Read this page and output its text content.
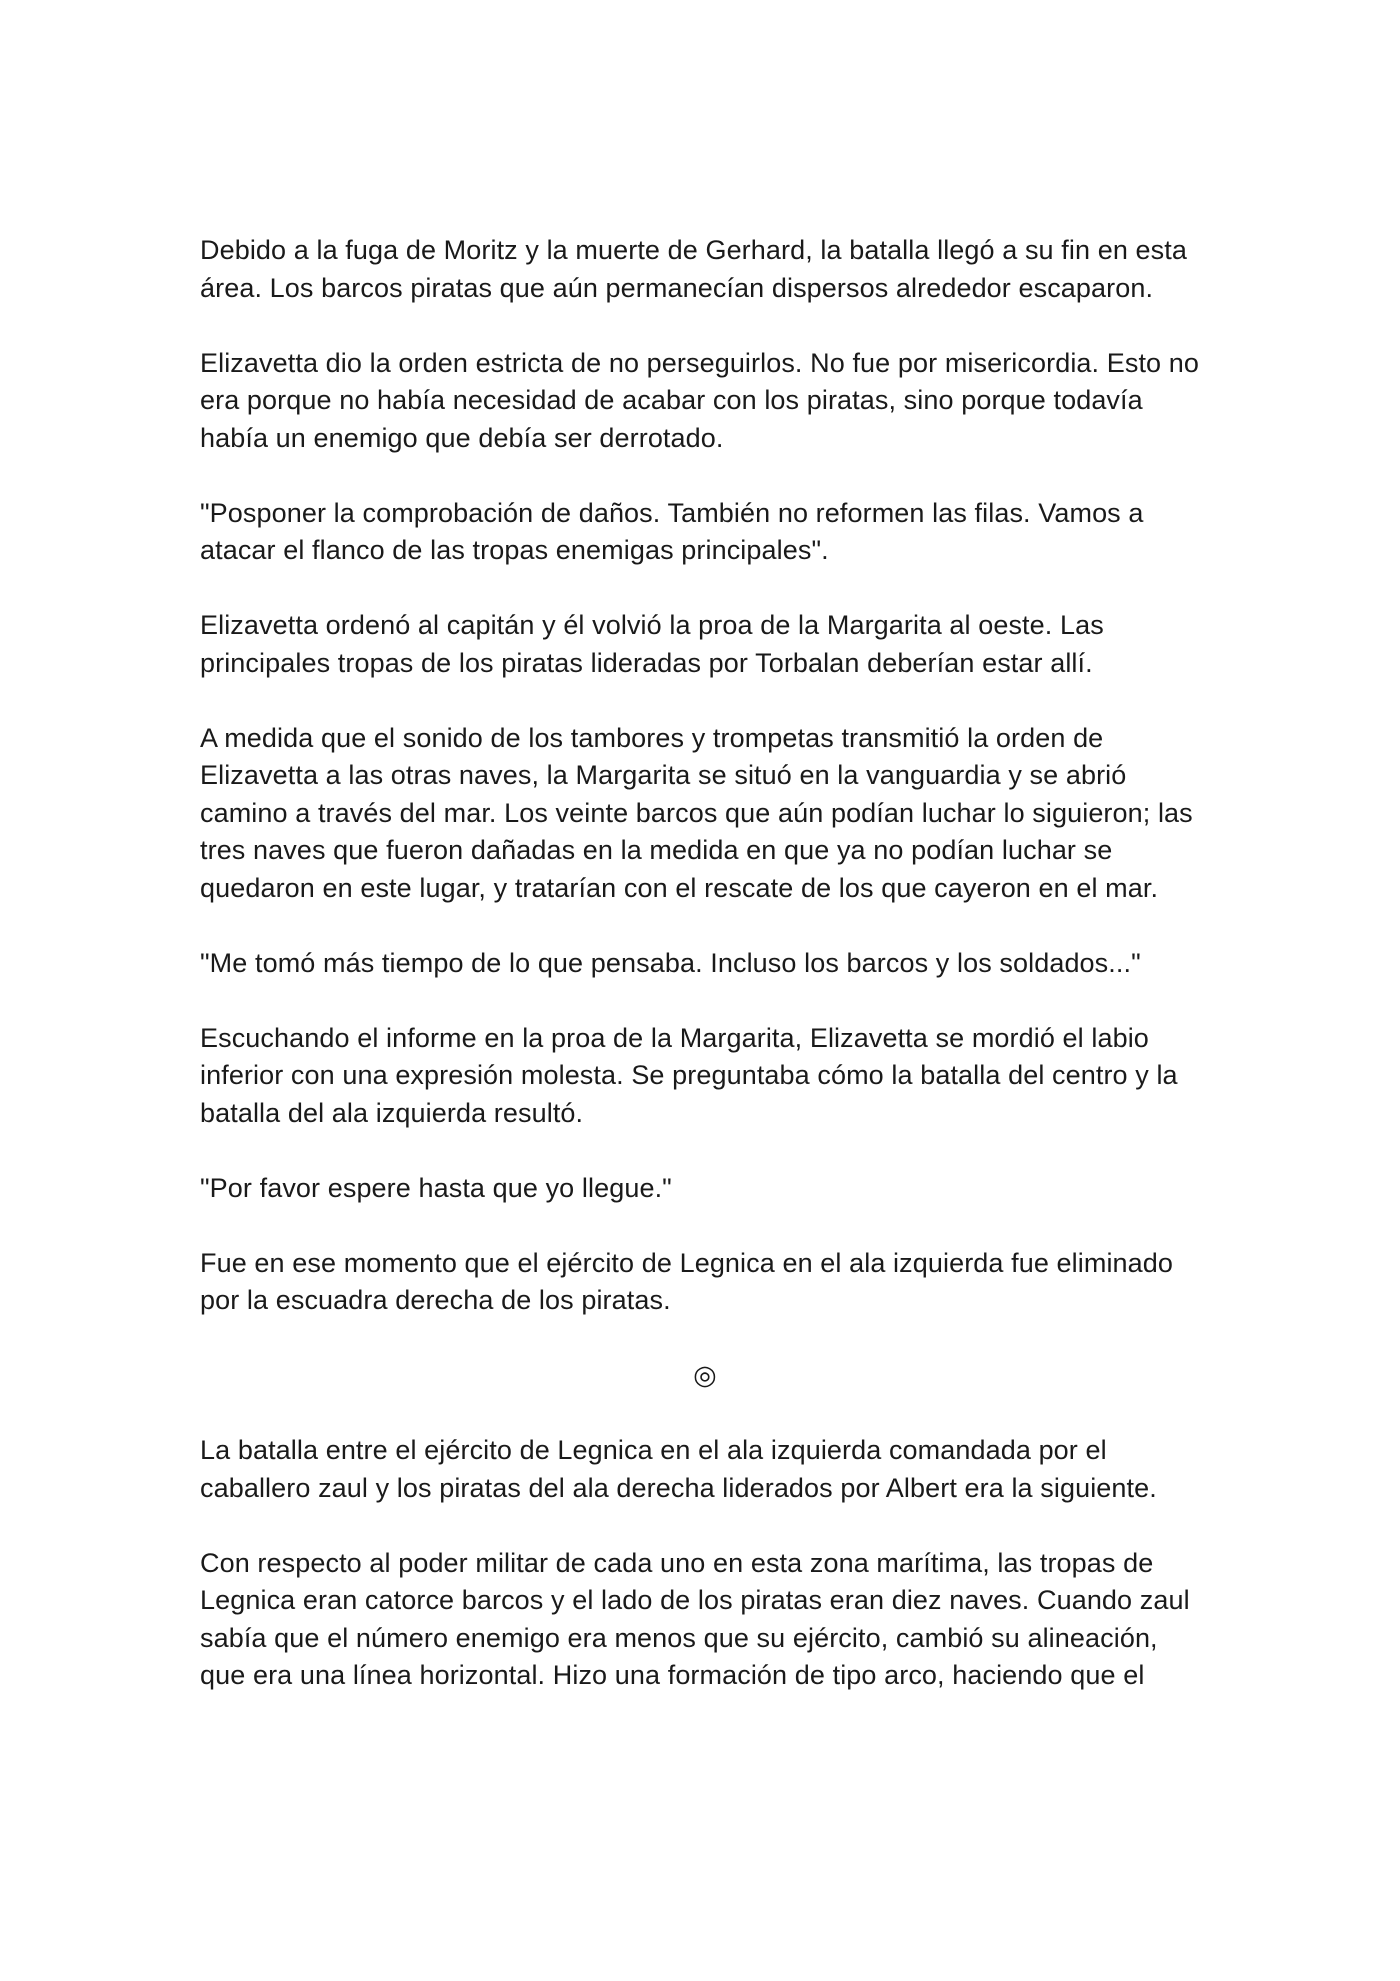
Debido a la fuga de Moritz y la muerte de Gerhard, la batalla llegó a su fin en esta área. Los barcos piratas que aún permanecían dispersos alrededor escaparon.

Elizavetta dio la orden estricta de no perseguirlos. No fue por misericordia. Esto no era porque no había necesidad de acabar con los piratas, sino porque todavía había un enemigo que debía ser derrotado.

"Posponer la comprobación de daños. También no reformen las filas. Vamos a atacar el flanco de las tropas enemigas principales".

Elizavetta ordenó al capitán y él volvió la proa de la Margarita al oeste. Las principales tropas de los piratas lideradas por Torbalan deberían estar allí.

A medida que el sonido de los tambores y trompetas transmitió la orden de Elizavetta a las otras naves, la Margarita se situó en la vanguardia y se abrió camino a través del mar. Los veinte barcos que aún podían luchar lo siguieron; las tres naves que fueron dañadas en la medida en que ya no podían luchar se quedaron en este lugar, y tratarían con el rescate de los que cayeron en el mar.

"Me tomó más tiempo de lo que pensaba. Incluso los barcos y los soldados..."

Escuchando el informe en la proa de la Margarita, Elizavetta se mordió el labio inferior con una expresión molesta. Se preguntaba cómo la batalla del centro y la batalla del ala izquierda resultó.

"Por favor espere hasta que yo llegue."

Fue en ese momento que el ejército de Legnica en el ala izquierda fue eliminado por la escuadra derecha de los piratas.

◎

La batalla entre el ejército de Legnica en el ala izquierda comandada por el caballero zaul y los piratas del ala derecha liderados por Albert era la siguiente.

Con respecto al poder militar de cada uno en esta zona marítima, las tropas de Legnica eran catorce barcos y el lado de los piratas eran diez naves. Cuando zaul sabía que el número enemigo era menos que su ejército, cambió su alineación, que era una línea horizontal. Hizo una formación de tipo arco, haciendo que el
